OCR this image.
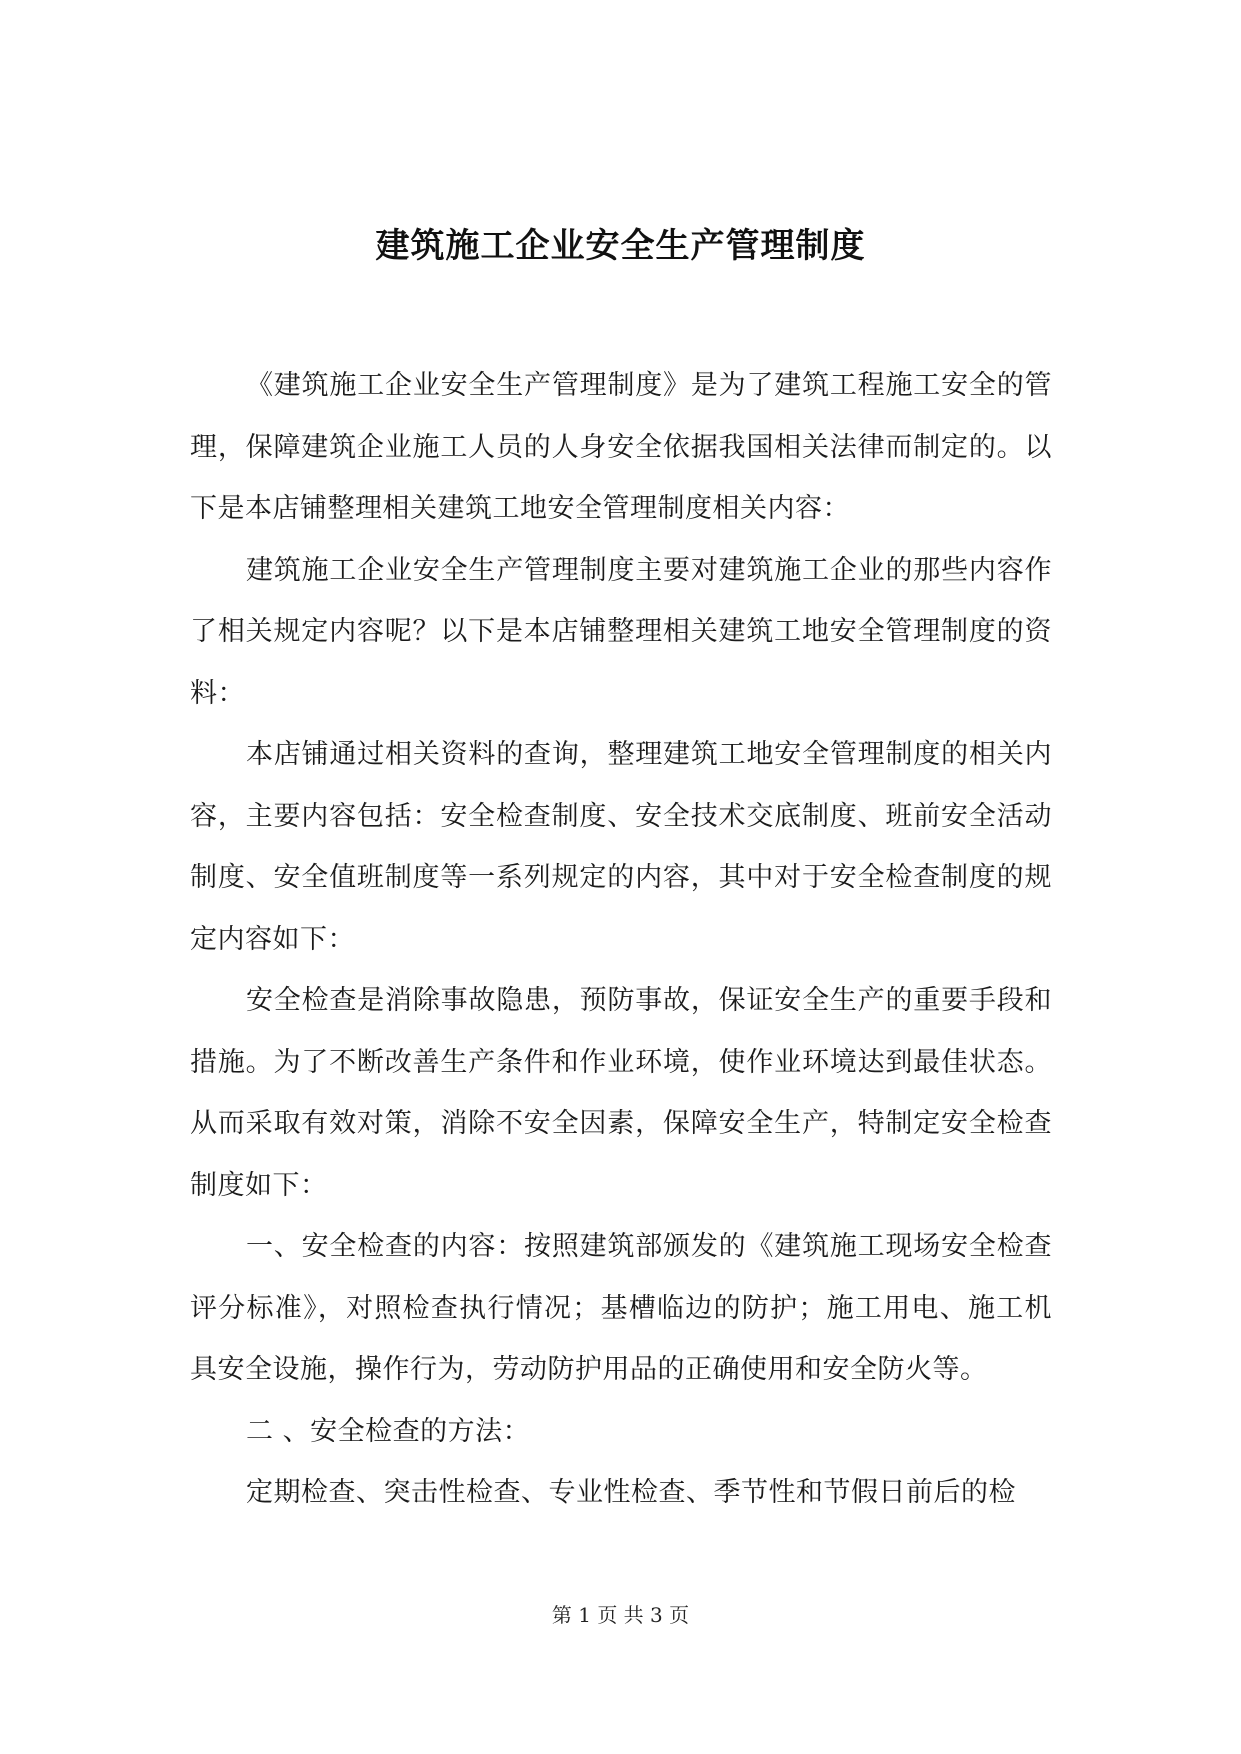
建筑施工企业安全生产管理制度

《建筑施工企业安全生产管理制度》是为了建筑工程施工安全的管理，保障建筑企业施工人员的人身安全依据我国相关法律而制定的。以下是本店铺整理相关建筑工地安全管理制度相关内容：

建筑施工企业安全生产管理制度主要对建筑施工企业的那些内容作了相关规定内容呢？以下是本店铺整理相关建筑工地安全管理制度的资料：

本店铺通过相关资料的查询，整理建筑工地安全管理制度的相关内容，主要内容包括：安全检查制度、安全技术交底制度、班前安全活动制度、安全值班制度等一系列规定的内容，其中对于安全检查制度的规定内容如下：

安全检查是消除事故隐患，预防事故，保证安全生产的重要手段和措施。为了不断改善生产条件和作业环境，使作业环境达到最佳状态。从而采取有效对策，消除不安全因素，保障安全生产，特制定安全检查制度如下：

一、安全检查的内容：按照建筑部颁发的《建筑施工现场安全检查评分标准》，对照检查执行情况；基槽临边的防护；施工用电、施工机具安全设施，操作行为，劳动防护用品的正确使用和安全防火等。

二 、安全检查的方法：

定期检查、突击性检查、专业性检查、季节性和节假日前后的检

第 1 页 共 3 页
